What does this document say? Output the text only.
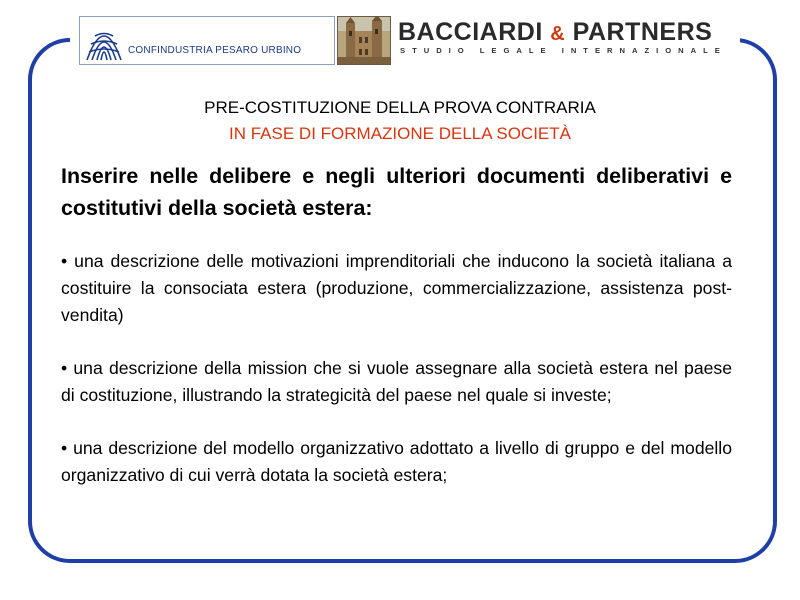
CONFINDUSTRIA PESARO URBINO
BACCIARDI & PARTNERS
STUDIO LEGALE INTERNAZIONALE
PRE-COSTITUZIONE DELLA PROVA CONTRARIA
IN FASE DI FORMAZIONE DELLA SOCIETÀ

Inserire nelle delibere e negli ulteriori documenti deliberativi e costitutivi della società estera:

• una descrizione delle motivazioni imprenditoriali che inducono la società italiana a costituire la consociata estera (produzione, commercializzazione, assistenza post-vendita)

• una descrizione della mission che si vuole assegnare alla società estera nel paese di costituzione, illustrando la strategicità del paese nel quale si investe;

• una descrizione del modello organizzativo adottato a livello di gruppo e del modello organizzativo di cui verrà dotata la società estera;
